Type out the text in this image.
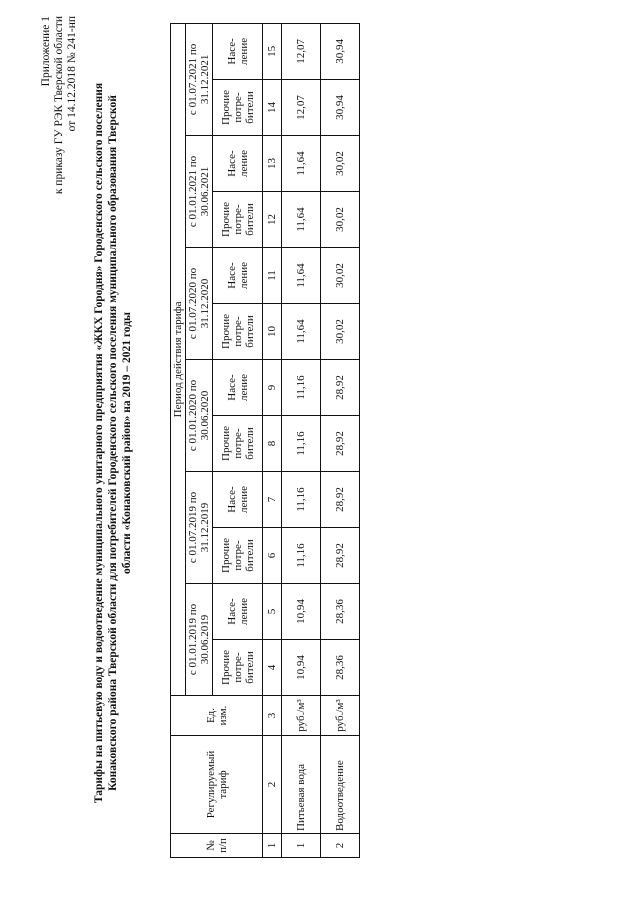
Приложение 1 к приказу ГУ РЭК Тверской области от 14.12.2018 № 241-нп
Тарифы на питьевую воду и водоотведение муниципального унитарного предприятия «ЖКХ Городня» Городенского сельского поселения Конаковского района Тверской области для потребителей Городенского сельского поселения муниципального образования Тверской области «Конаковский район» на 2019 – 2021 годы
№ п/п	Регулируемый тариф	Ед. изм.	Период действия тарифа											
			с 01.01.2019 по 30.06.2019		с 01.07.2019 по 31.12.2019		с 01.01.2020 по 30.06.2020		с 01.07.2020 по 31.12.2020		с 01.01.2021 по 30.06.2021		с 01.07.2021 по 31.12.2021	
			Прочие потре-бители	Насе-ление	Прочие потре-бители	Насе-ление	Прочие потре-бители	Насе-ление	Прочие потре-бители	Насе-ление	Прочие потре-бители	Насе-ление	Прочие потре-бители	Насе-ление
1	2	3	4	5	6	7	8	9	10	11	12	13	14	15
1	Питьевая вода	руб./м³	10,94	10,94	11,16	11,16	11,16	11,16	11,64	11,64	11,64	11,64	12,07	12,07
2	Водоотведение	руб./м³	28,36	28,36	28,92	28,92	28,92	28,92	30,02	30,02	30,02	30,02	30,94	30,94
